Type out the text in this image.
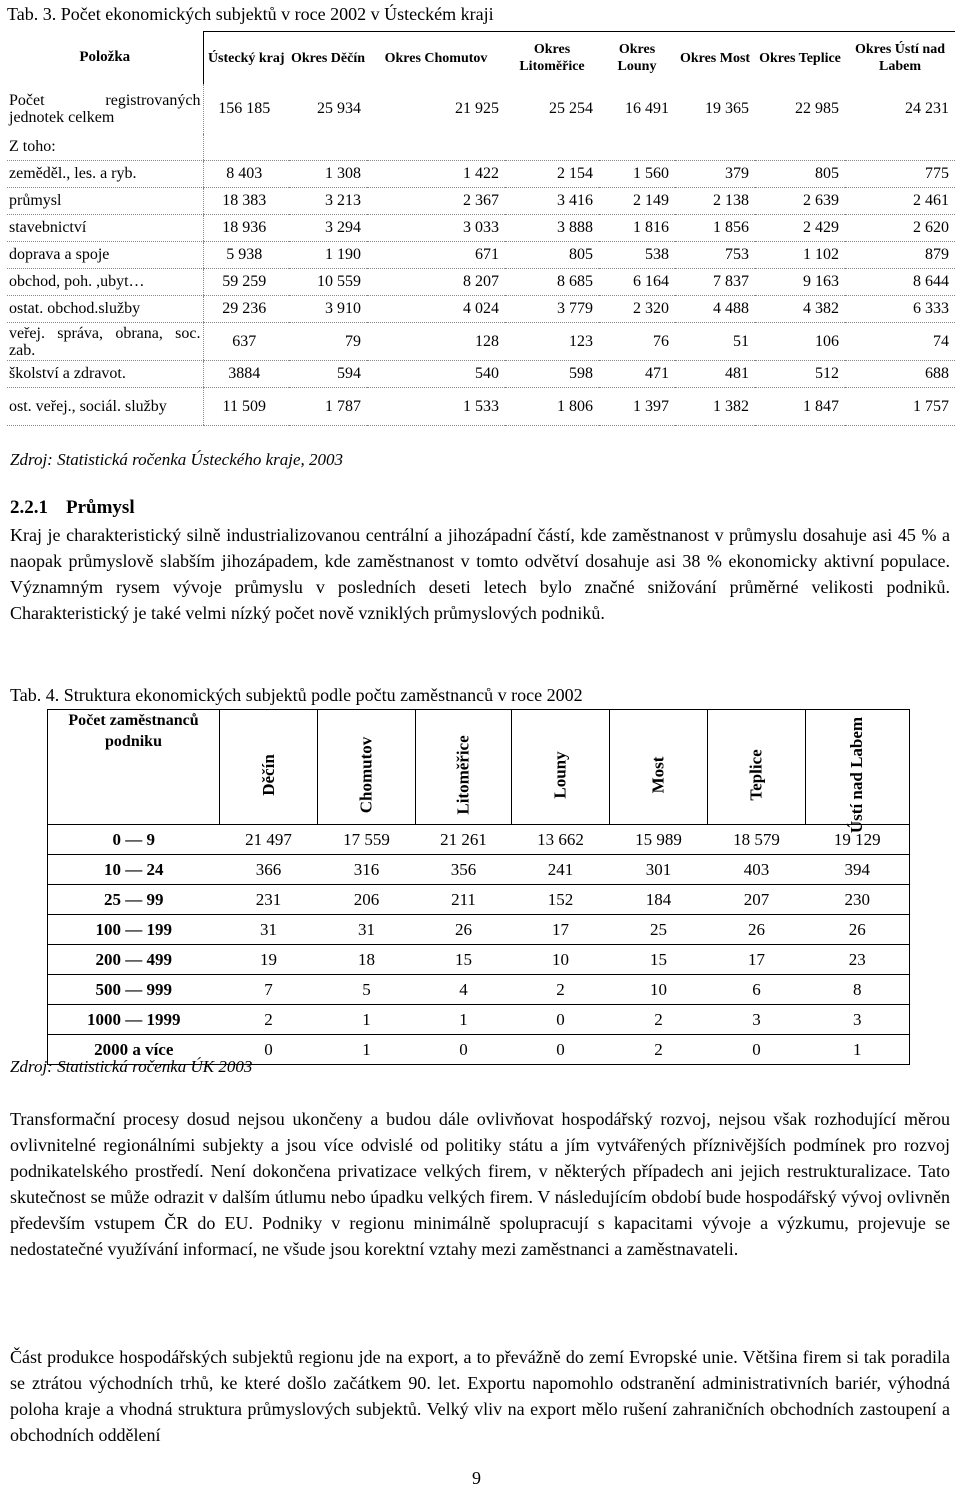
Tab. 3. Počet ekonomických subjektů v roce 2002 v Ústeckém kraji
Položka	Ústecký kraj	Okres Děčín	Okres Chomutov	Okres Litoměřice	Okres Louny	Okres Most	Okres Teplice	Okres Ústí nad Labem
Počet registrovaných jednotek celkem	156 185	25 934	21 925	25 254	16 491	19 365	22 985	24 231
Z toho:								
zeměděl., les. a ryb.	8 403	1 308	1 422	2 154	1 560	379	805	775
průmysl	18 383	3 213	2 367	3 416	2 149	2 138	2 639	2 461
stavebnictví	18 936	3 294	3 033	3 888	1 816	1 856	2 429	2 620
doprava a spoje	5 938	1 190	671	805	538	753	1 102	879
obchod, poh. ,ubyt…	59 259	10 559	8 207	8 685	6 164	7 837	9 163	8 644
ostat. obchod.služby	29 236	3 910	4 024	3 779	2 320	4 488	4 382	6 333
veřej. správa, obrana, soc. zab.	637	79	128	123	76	51	106	74
školství a zdravot.	3884	594	540	598	471	481	512	688
ost. veřej., sociál. služby	11 509	1 787	1 533	1 806	1 397	1 382	1 847	1 757
Zdroj: Statistická ročenka Ústeckého kraje, 2003
2.2.1 Průmysl
Kraj je charakteristický silně industrializovanou centrální a jihozápadní částí, kde zaměstnanost v průmyslu dosahuje asi 45 % a naopak průmyslově slabším jihozápadem, kde zaměstnanost v tomto odvětví dosahuje asi 38 % ekonomicky aktivní populace. Významným rysem vývoje průmyslu v posledních deseti letech bylo značné snižování průměrné velikosti podniků. Charakteristický je také velmi nízký počet nově vzniklých průmyslových podniků.
Tab. 4. Struktura ekonomických subjektů podle počtu zaměstnanců v roce 2002
Počet zaměstnanců podniku	Děčín	Chomutov	Litoměřice	Louny	Most	Teplice	Ústí nad Labem

0 — 9	21 497	17 559	21 261	13 662	15 989	18 579	19 129
10 — 24	366	316	356	241	301	403	394
25 — 99	231	206	211	152	184	207	230
100 — 199	31	31	26	17	25	26	26
200 — 499	19	18	15	10	15	17	23
500 — 999	7	5	4	2	10	6	8
1000 — 1999	2	1	1	0	2	3	3
2000 a více	0	1	0	0	2	0	1
Zdroj: Statistická ročenka ÚK 2003
Transformační procesy dosud nejsou ukončeny a budou dále ovlivňovat hospodářský rozvoj, nejsou však rozhodující měrou ovlivnitelné regionálními subjekty a jsou více odvislé od politiky státu a jím vytvářených příznivějších podmínek pro rozvoj podnikatelského prostředí. Není dokončena privatizace velkých firem, v některých případech ani jejich restrukturalizace. Tato skutečnost se může odrazit v dalším útlumu nebo úpadku velkých firem. V následujícím období bude hospodářský vývoj ovlivněn především vstupem ČR do EU. Podniky v regionu minimálně spolupracují s kapacitami vývoje a výzkumu, projevuje se nedostatečné využívání informací, ne všude jsou korektní vztahy mezi zaměstnanci a zaměstnavateli.
Část produkce hospodářských subjektů regionu jde na export, a to převážně do zemí Evropské unie. Většina firem si tak poradila se ztrátou východních trhů, ke které došlo začátkem 90. let. Exportu napomohlo odstranění administrativních bariér, výhodná poloha kraje a vhodná struktura průmyslových subjektů. Velký vliv na export mělo rušení zahraničních obchodních zastoupení a obchodních oddělení
9
